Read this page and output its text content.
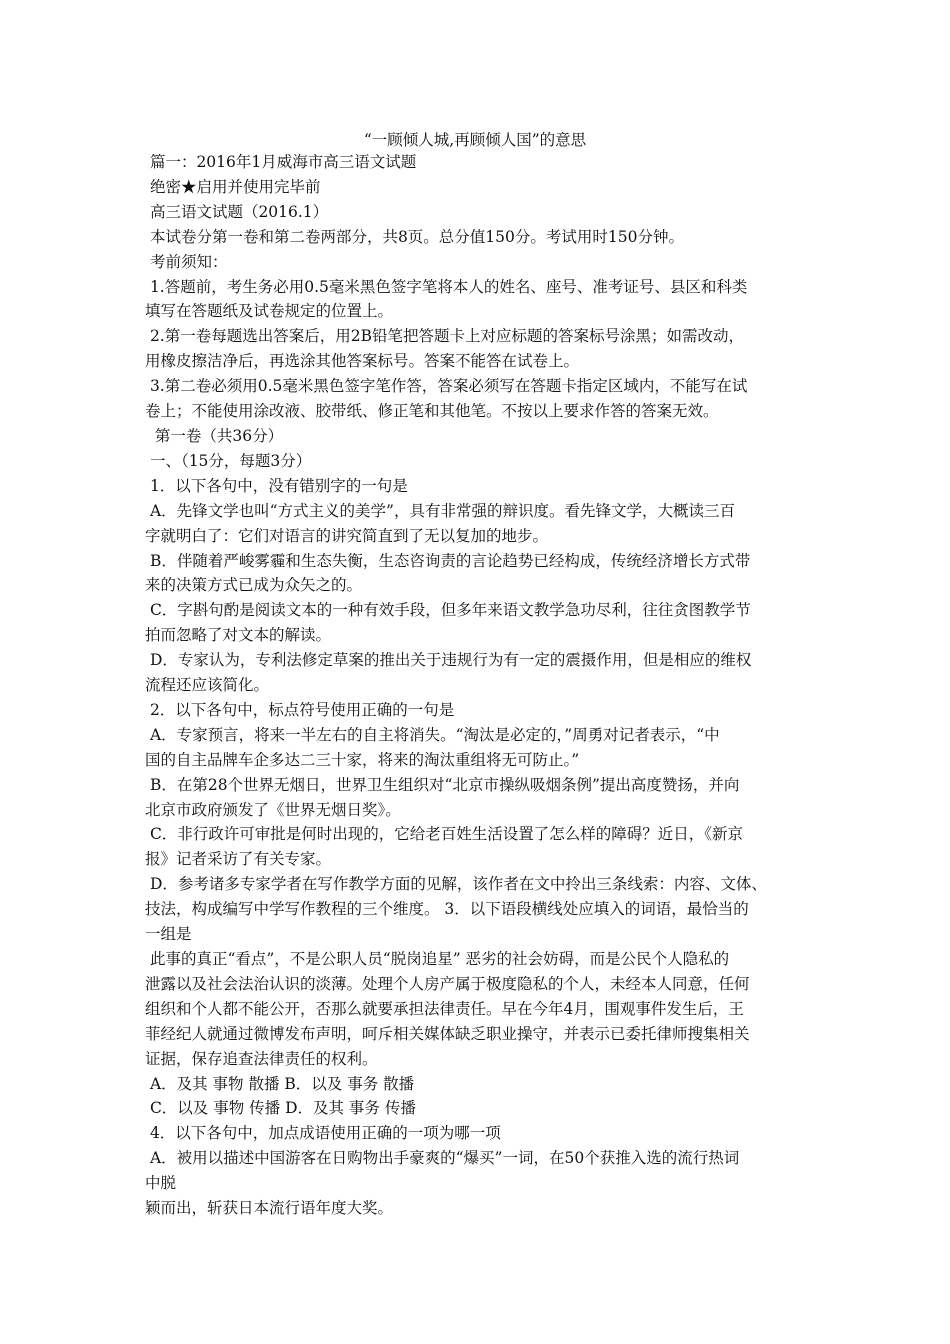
“一顾倾人城,再顾倾人国”的意思

篇一：2016年1月威海市高三语文试题

绝密★启用并使用完毕前

高三语文试题（2016.1）

本试卷分第一卷和第二卷两部分，共8页。总分值150分。考试用时150分钟。

考前须知：

1.答题前，考生务必用0.5毫米黑色签字笔将本人的姓名、座号、准考证号、县区和科类

填写在答题纸及试卷规定的位置上。

2.第一卷每题选出答案后，用2B铅笔把答题卡上对应标题的答案标号涂黑；如需改动，

用橡皮擦洁净后，再选涂其他答案标号。答案不能答在试卷上。

3.第二卷必须用0.5毫米黑色签字笔作答，答案必须写在答题卡指定区域内，不能写在试

卷上；不能使用涂改液、胶带纸、修正笔和其他笔。不按以上要求作答的答案无效。

第一卷（共36分）

一、（15分，每题3分）

1．以下各句中，没有错别字的一句是

A．先锋文学也叫“方式主义的美学”，具有非常强的辩识度。看先锋文学，大概读三百

字就明白了：它们对语言的讲究简直到了无以复加的地步。

B．伴随着严峻雾霾和生态失衡，生态咨询责的言论趋势已经构成，传统经济增长方式带

来的决策方式已成为众矢之的。

C．字斟句酌是阅读文本的一种有效手段，但多年来语文教学急功尽利，往往贪图教学节

拍而忽略了对文本的解读。

D．专家认为，专利法修定草案的推出关于违规行为有一定的震摄作用，但是相应的维权

流程还应该简化。

2．以下各句中，标点符号使用正确的一句是

A．专家预言，将来一半左右的自主将消失。“淘汰是必定的，”周勇对记者表示，“中

国的自主品牌车企多达二三十家，将来的淘汰重组将无可防止。”

B．在第28个世界无烟日，世界卫生组织对“北京市操纵吸烟条例”提出高度赞扬，并向

北京市政府颁发了《世界无烟日奖》。

C．非行政许可审批是何时出现的，它给老百姓生活设置了怎么样的障碍？近日，《新京

报》记者采访了有关专家。

D．参考诸多专家学者在写作教学方面的见解，该作者在文中拎出三条线索：内容、文体、

技法，构成编写中学写作教程的三个维度。 3．以下语段横线处应填入的词语，最恰当的

一组是

此事的真正“看点”，不是公职人员“脱岗追星” 恶劣的社会妨碍，而是公民个人隐私的

泄露以及社会法治认识的淡薄。处理个人房产属于极度隐私的个人，未经本人同意，任何

组织和个人都不能公开，否那么就要承担法律责任。早在今年4月，围观事件发生后，王

菲经纪人就通过微博发布声明，呵斥相关媒体缺乏职业操守，并表示已委托律师搜集相关

证据，保存追查法律责任的权利。

A．及其 事物 散播 B．以及 事务 散播

C．以及 事物 传播 D．及其 事务 传播

4．以下各句中，加点成语使用正确的一项为哪一项

A．被用以描述中国游客在日购物出手豪爽的“爆买”一词，在50个获推入选的流行热词

中脱

颖而出，斩获日本流行语年度大奖。
